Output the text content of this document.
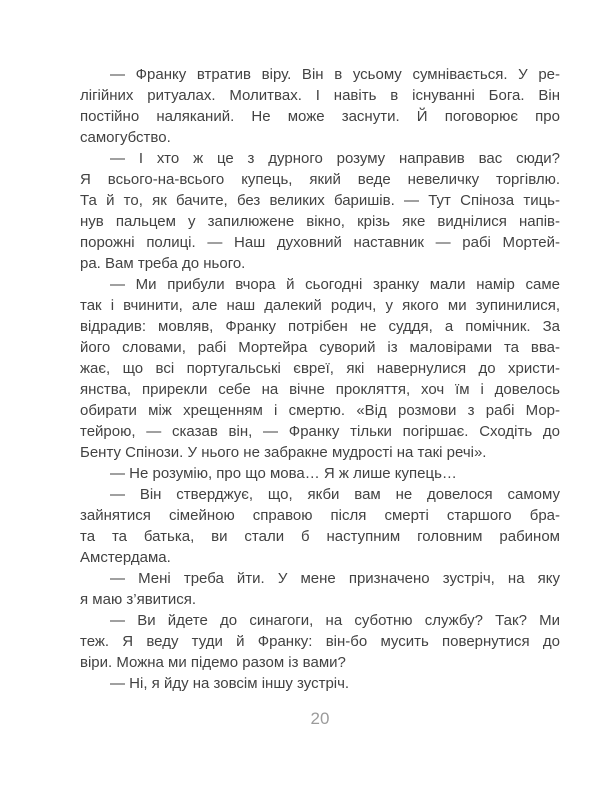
— Франку втратив віру. Він в усьому сумнівається. У ре-
лігійних ритуалах. Молитвах. І навіть в існуванні Бога. Він
постійно наляканий. Не може заснути. Й поговорює про
самогубство.
— І хто ж це з дурного розуму направив вас сюди?
Я всього-на-всього купець, який веде невеличку торгівлю.
Та й то, як бачите, без великих баришів. — Тут Спіноза тиць-
нув пальцем у запилюжене вікно, крізь яке виднілися напів-
порожні полиці. — Наш духовний наставник — рабі Мортей-
ра. Вам треба до нього.
— Ми прибули вчора й сьогодні зранку мали намір саме
так і вчинити, але наш далекий родич, у якого ми зупинилися,
відрадив: мовляв, Франку потрібен не суддя, а помічник. За
його словами, рабі Мортейра суворий із маловірами та вва-
жає, що всі португальські євреї, які навернулися до христи-
янства, прирекли себе на вічне прокляття, хоч їм і довелось
обирати між хрещенням і смертю. «Від розмови з рабі Мор-
тейрою, — сказав він, — Франку тільки погіршає. Сходіть до
Бенту Спінози. У нього не забракне мудрості на такі речі».
— Не розумію, про що мова… Я ж лише купець…
— Він стверджує, що, якби вам не довелося самому
зайнятися сімейною справою після смерті старшого бра-
та та батька, ви стали б наступним головним рабином
Амстердама.
— Мені треба йти. У мене призначено зустріч, на яку
я маю з’явитися.
— Ви йдете до синагоги, на суботню службу? Так? Ми
теж. Я веду туди й Франку: він-бо мусить повернутися до
віри. Можна ми підемо разом із вами?
— Ні, я йду на зовсім іншу зустріч.
20
